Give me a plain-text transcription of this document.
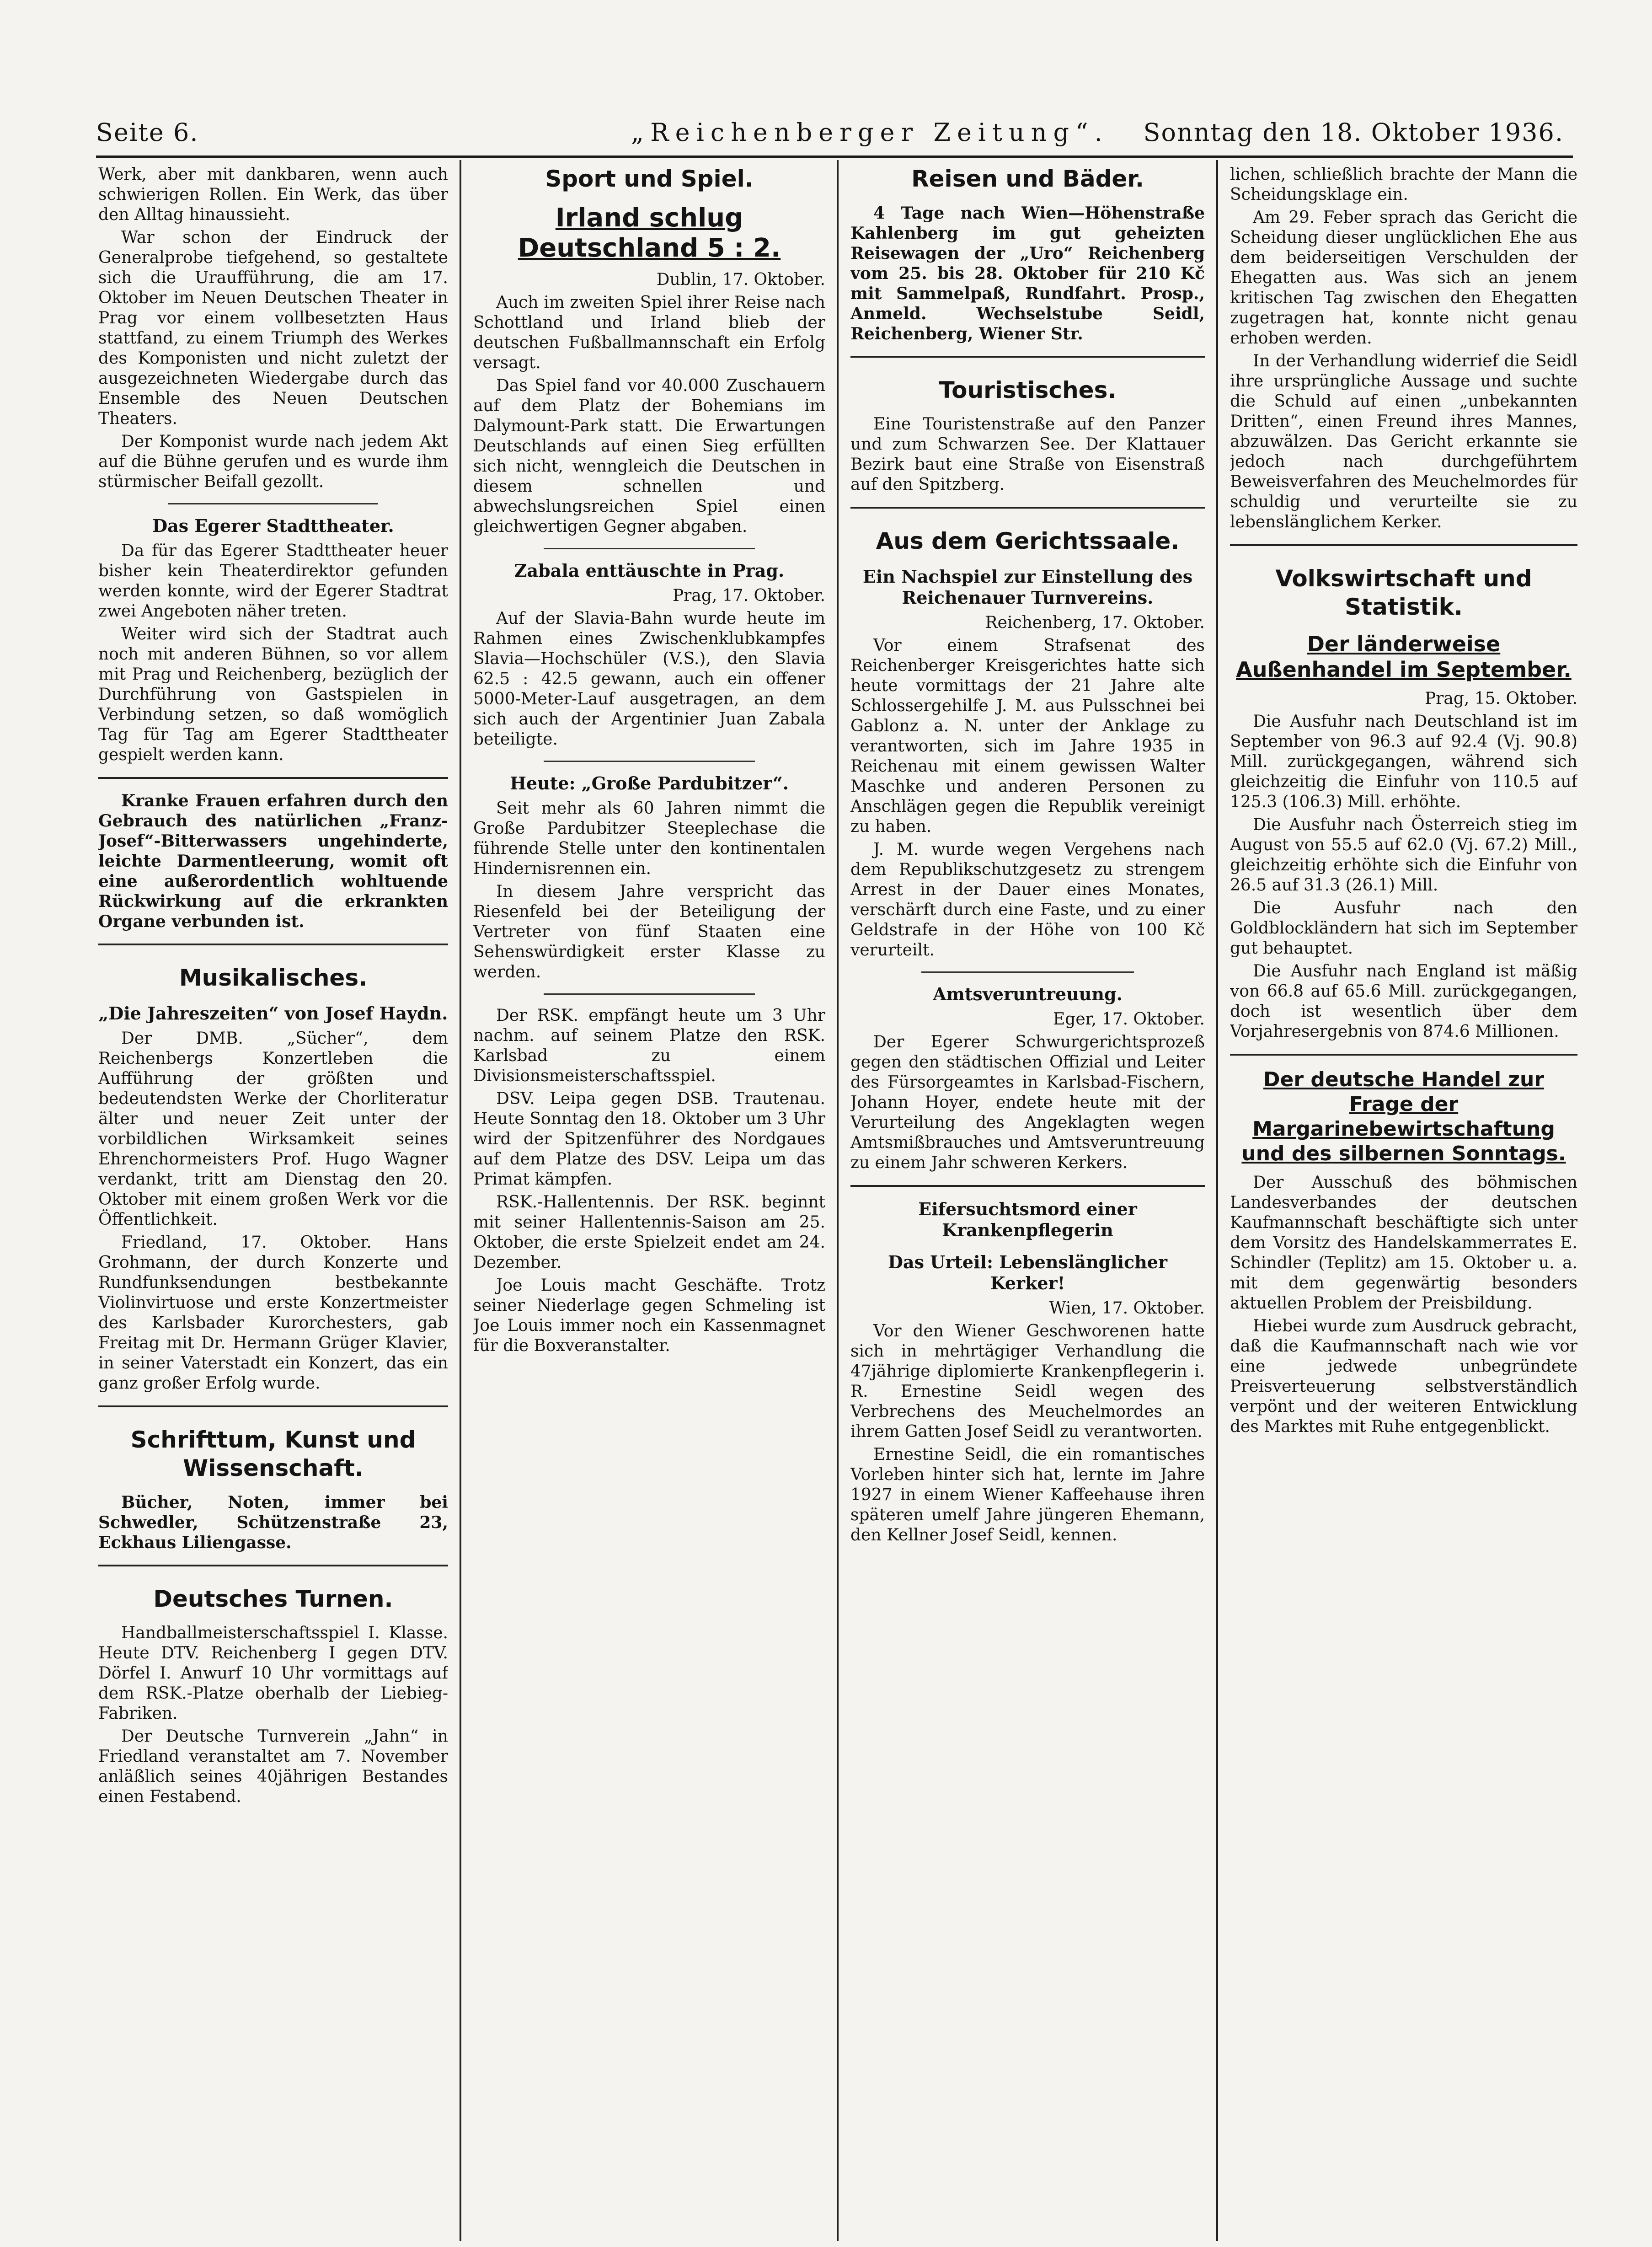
Seite 6.	„Reichenberger Zeitung“. Sonntag den 18. Oktober 1936.

Werk, aber mit dankbaren, wenn auch schwierigen Rollen. Ein Werk, das über den Alltag hinaussieht.

War schon der Eindruck der Generalprobe tiefgehend, so gestaltete sich die Uraufführung, die am 17. Oktober im Neuen Deutschen Theater in Prag vor einem vollbesetzten Haus stattfand, zu einem Triumph des Werkes des Komponisten und nicht zuletzt der ausgezeichneten Wiedergabe durch das Ensemble des Neuen Deutschen Theaters.

Der Komponist wurde nach jedem Akt auf die Bühne gerufen und es wurde ihm stürmischer Beifall gezollt.

Das Egerer Stadttheater.

Da für das Egerer Stadttheater heuer bisher kein Theaterdirektor gefunden werden konnte, wird der Egerer Stadtrat zwei Angeboten näher treten.

Weiter wird sich der Stadtrat auch noch mit anderen Bühnen, so vor allem mit Prag und Reichenberg, bezüglich der Durchführung von Gastspielen in Verbindung setzen, so daß womöglich Tag für Tag am Egerer Stadttheater gespielt werden kann.

Kranke Frauen erfahren durch den Gebrauch des natürlichen „Franz-Josef“-Bitterwassers ungehinderte, leichte Darmentleerung, womit oft eine außerordentlich wohltuende Rückwirkung auf die erkrankten Organe verbunden ist.

Musikalisches.
„Die Jahreszeiten“ von Josef Haydn.

Der DMB. „Sücher“, dem Reichenbergs Konzertleben die Aufführung der größten und bedeutendsten Werke der Chorliteratur älter und neuer Zeit unter der vorbildlichen Wirksamkeit seines Ehrenchormeisters Prof. Hugo Wagner verdankt, tritt am Dienstag den 20. Oktober mit einem großen Werk vor die Öffentlichkeit.

Friedland, 17. Oktober. Hans Grohmann, der durch Konzerte und Rundfunksendungen bestbekannte Violinvirtuose und erste Konzertmeister des Karlsbader Kurorchesters, gab Freitag mit Dr. Hermann Grüger Klavier, in seiner Vaterstadt ein Konzert, das ein ganz großer Erfolg wurde.

Schrifttum, Kunst und Wissenschaft.

Bücher, Noten, immer bei Schwedler, Schützenstraße 23, Eckhaus Liliengasse.

Deutsches Turnen.

Handballmeisterschaftsspiel I. Klasse. Heute DTV. Reichenberg I gegen DTV. Dörfel I. Anwurf 10 Uhr vormittags auf dem RSK.-Platze oberhalb der Liebieg-Fabriken.

Der Deutsche Turnverein „Jahn“ in Friedland veranstaltet am 7. November anläßlich seines 40jährigen Bestandes einen Festabend.

Sport und Spiel.
Irland schlug Deutschland 5 : 2.
Dublin, 17. Oktober.

Auch im zweiten Spiel ihrer Reise nach Schottland und Irland blieb der deutschen Fußballmannschaft ein Erfolg versagt.

Das Spiel fand vor 40.000 Zuschauern auf dem Platz der Bohemians im Dalymount-Park statt. Die Erwartungen Deutschlands auf einen Sieg erfüllten sich nicht, wenngleich die Deutschen in diesem schnellen und abwechslungsreichen Spiel einen gleichwertigen Gegner abgaben.

Zabala enttäuschte in Prag.
Prag, 17. Oktober.

Auf der Slavia-Bahn wurde heute im Rahmen eines Zwischenklubkampfes Slavia—Hochschüler (V.S.), den Slavia 62.5 : 42.5 gewann, auch ein offener 5000-Meter-Lauf ausgetragen, an dem sich auch der Argentinier Juan Zabala beteiligte.

Heute: „Große Pardubitzer“.

Seit mehr als 60 Jahren nimmt die Große Pardubitzer Steeplechase die führende Stelle unter den kontinentalen Hindernisrennen ein.

In diesem Jahre verspricht das Riesenfeld bei der Beteiligung der Vertreter von fünf Staaten eine Sehenswürdigkeit erster Klasse zu werden.

Der RSK. empfängt heute um 3 Uhr nachm. auf seinem Platze den RSK. Karlsbad zu einem Divisionsmeisterschaftsspiel.

DSV. Leipa gegen DSB. Trautenau. Heute Sonntag den 18. Oktober um 3 Uhr wird der Spitzenführer des Nordgaues auf dem Platze des DSV. Leipa um das Primat kämpfen.

RSK.-Hallentennis. Der RSK. beginnt mit seiner Hallentennis-Saison am 25. Oktober, die erste Spielzeit endet am 24. Dezember.

Joe Louis macht Geschäfte. Trotz seiner Niederlage gegen Schmeling ist Joe Louis immer noch ein Kassenmagnet für die Boxveranstalter.

Reisen und Bäder.

4 Tage nach Wien—Höhenstraße Kahlenberg im gut geheizten Reisewagen der „Uro“ Reichenberg vom 25. bis 28. Oktober für 210 Kč mit Sammelpaß, Rundfahrt. Prosp., Anmeld. Wechselstube Seidl, Reichenberg, Wiener Str.

Touristisches.

Eine Touristenstraße auf den Panzer und zum Schwarzen See. Der Klattauer Bezirk baut eine Straße von Eisenstraß auf den Spitzberg.

Aus dem Gerichtssaale.
Ein Nachspiel zur Einstellung des Reichenauer Turnvereins.
Reichenberg, 17. Oktober.

Vor einem Strafsenat des Reichenberger Kreisgerichtes hatte sich heute vormittags der 21 Jahre alte Schlossergehilfe J. M. aus Pulsschnei bei Gablonz a. N. unter der Anklage zu verantworten, sich im Jahre 1935 in Reichenau mit einem gewissen Walter Maschke und anderen Personen zu Anschlägen gegen die Republik vereinigt zu haben.

J. M. wurde wegen Vergehens nach dem Republikschutzgesetz zu strengem Arrest in der Dauer eines Monates, verschärft durch eine Faste, und zu einer Geldstrafe in der Höhe von 100 Kč verurteilt.

Amtsveruntreuung.
Eger, 17. Oktober.

Der Egerer Schwurgerichtsprozeß gegen den städtischen Offizial und Leiter des Fürsorgeamtes in Karlsbad-Fischern, Johann Hoyer, endete heute mit der Verurteilung des Angeklagten wegen Amtsmißbrauches und Amtsveruntreuung zu einem Jahr schweren Kerkers.

Eifersuchtsmord einer Krankenpflegerin
Das Urteil: Lebenslänglicher Kerker!
Wien, 17. Oktober.

Vor den Wiener Geschworenen hatte sich in mehrtägiger Verhandlung die 47jährige diplomierte Krankenpflegerin i. R. Ernestine Seidl wegen des Verbrechens des Meuchelmordes an ihrem Gatten Josef Seidl zu verantworten.

Ernestine Seidl, die ein romantisches Vorleben hinter sich hat, lernte im Jahre 1927 in einem Wiener Kaffeehause ihren späteren umelf Jahre jüngeren Ehemann, den Kellner Josef Seidl, kennen.

lichen, schließlich brachte der Mann die Scheidungsklage ein.

Am 29. Feber sprach das Gericht die Scheidung dieser unglücklichen Ehe aus dem beiderseitigen Verschulden der Ehegatten aus. Was sich an jenem kritischen Tag zwischen den Ehegatten zugetragen hat, konnte nicht genau erhoben werden.

In der Verhandlung widerrief die Seidl ihre ursprüngliche Aussage und suchte die Schuld auf einen „unbekannten Dritten“, einen Freund ihres Mannes, abzuwälzen. Das Gericht erkannte sie jedoch nach durchgeführtem Beweisverfahren des Meuchelmordes für schuldig und verurteilte sie zu lebenslänglichem Kerker.

Volkswirtschaft und Statistik.
Der länderweise Außenhandel im September.
Prag, 15. Oktober.

Die Ausfuhr nach Deutschland ist im September von 96.3 auf 92.4 (Vj. 90.8) Mill. zurückgegangen, während sich gleichzeitig die Einfuhr von 110.5 auf 125.3 (106.3) Mill. erhöhte.

Die Ausfuhr nach Österreich stieg im August von 55.5 auf 62.0 (Vj. 67.2) Mill., gleichzeitig erhöhte sich die Einfuhr von 26.5 auf 31.3 (26.1) Mill.

Die Ausfuhr nach den Goldblockländern hat sich im September gut behauptet.

Die Ausfuhr nach England ist mäßig von 66.8 auf 65.6 Mill. zurückgegangen, doch ist wesentlich über dem Vorjahresergebnis von 874.6 Millionen.

Der deutsche Handel zur Frage der Margarinebewirtschaftung und des silbernen Sonntags.

Der Ausschuß des böhmischen Landesverbandes der deutschen Kaufmannschaft beschäftigte sich unter dem Vorsitz des Handelskammerrates E. Schindler (Teplitz) am 15. Oktober u. a. mit dem gegenwärtig besonders aktuellen Problem der Preisbildung.

Hiebei wurde zum Ausdruck gebracht, daß die Kaufmannschaft nach wie vor eine jedwede unbegründete Preisverteuerung selbstverständlich verpönt und der weiteren Entwicklung des Marktes mit Ruhe entgegenblickt.
